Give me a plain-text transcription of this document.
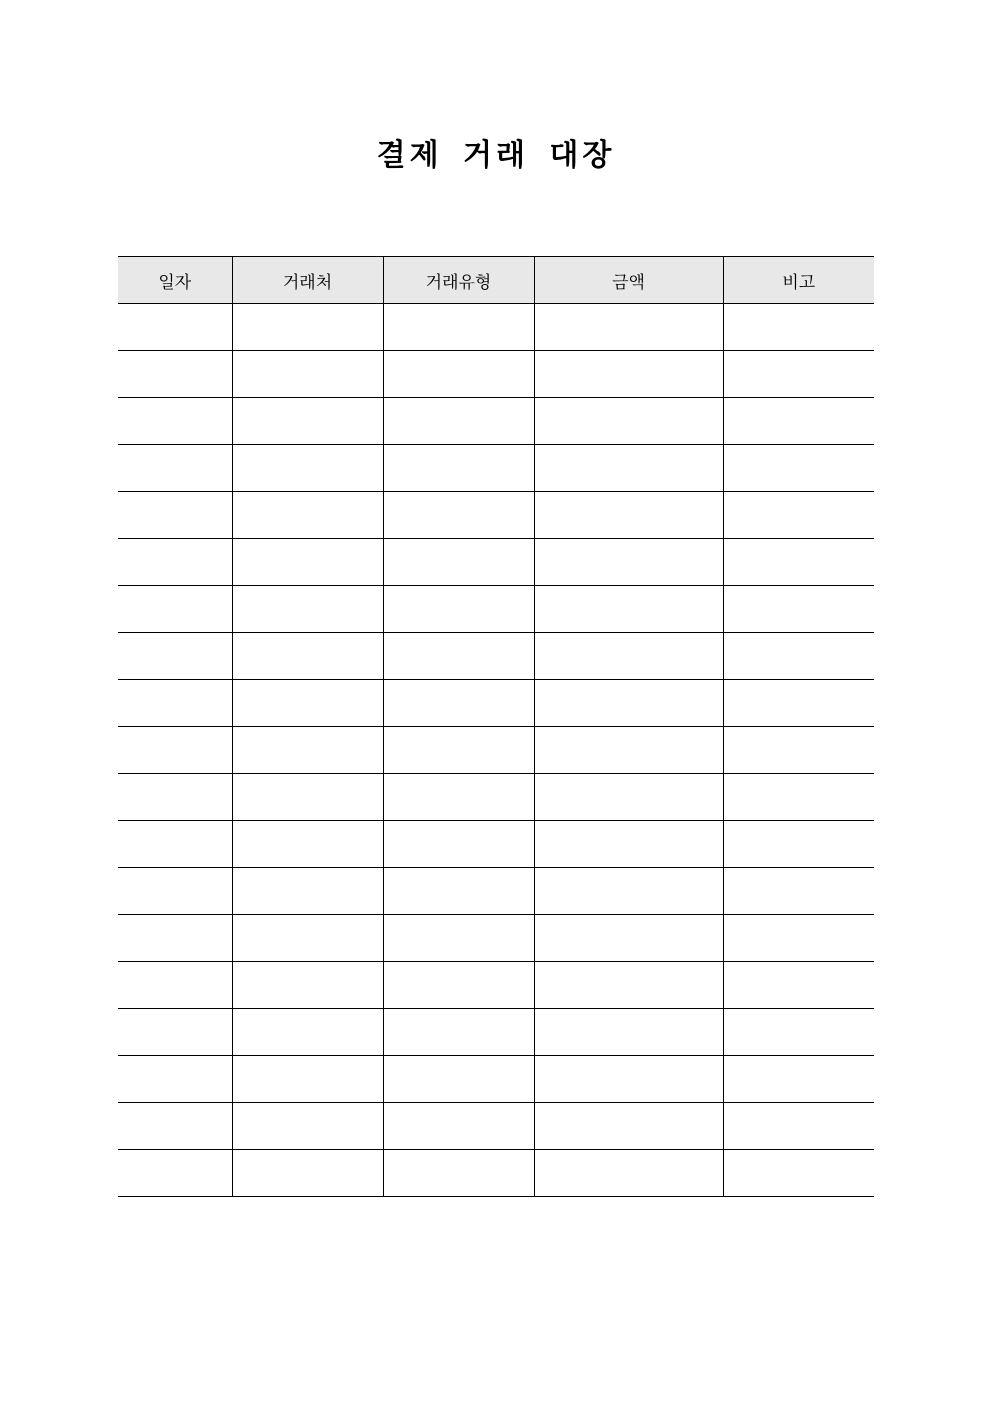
결제 거래 대장
일자	거래처	거래유형	금액	비고
